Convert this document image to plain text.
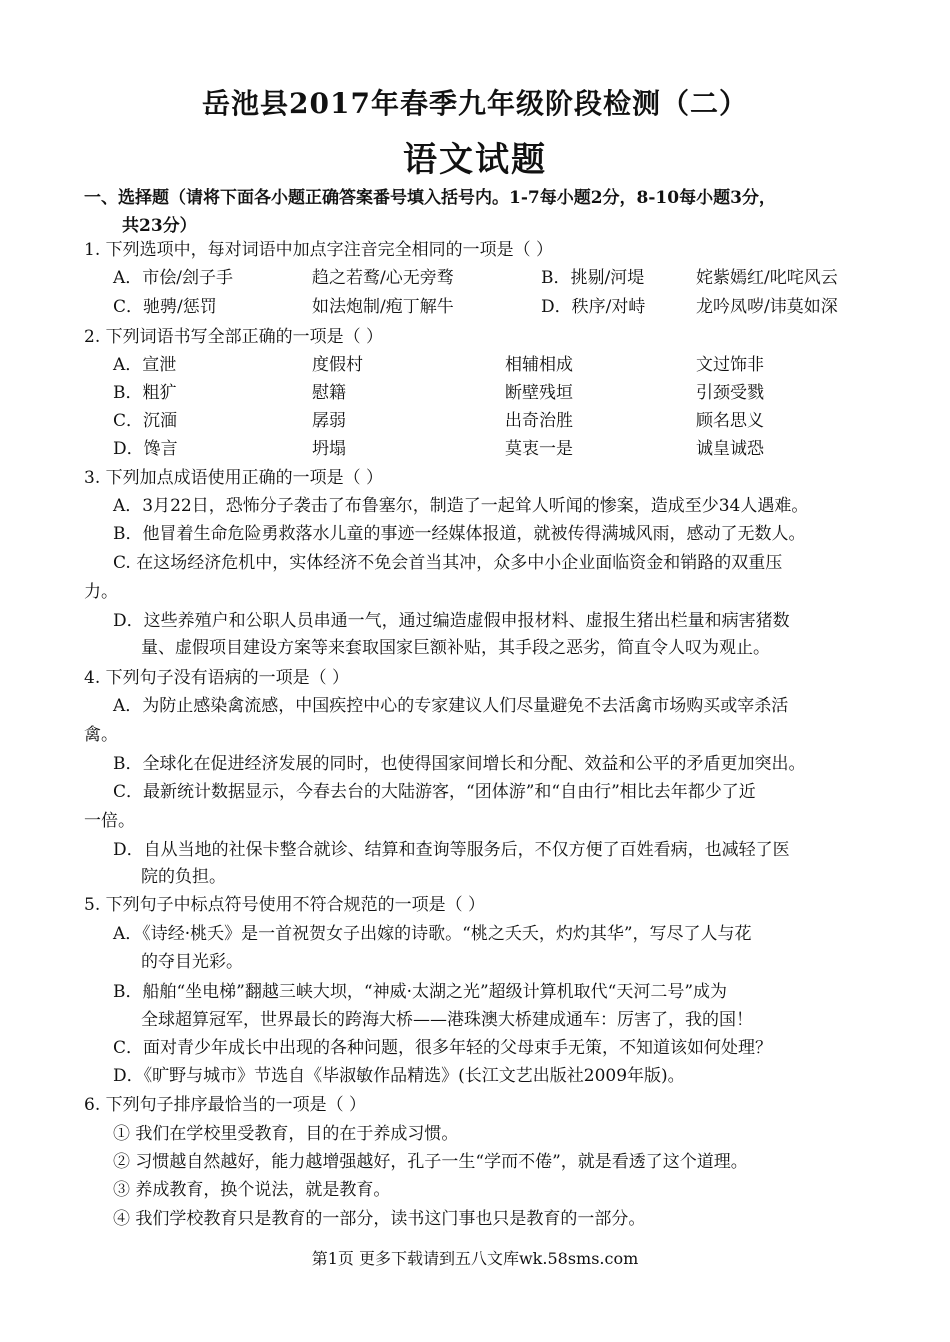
岳池县2017年春季九年级阶段检测（二）
语文试题
一、选择题（请将下面各小题正确答案番号填入括号内。1-7每小题2分，8-10每小题3分，
共23分）
1. 下列选项中，每对词语中加点字注音完全相同的一项是（ ）
A．市侩/刽子手	趋之若鹜/心无旁骛	B．挑剔/河堤	姹紫嫣红/叱咤风云
C．驰骋/惩罚	如法炮制/疱丁解牛	D．秩序/对峙	龙吟凤哕/讳莫如深
2. 下列词语书写全部正确的一项是（ ）
A．宣泄	度假村	相辅相成	文过饰非
B．粗犷	慰籍	断壁残垣	引颈受戮
C．沉湎	孱弱	出奇治胜	顾名思义
D．馋言	坍塌	莫衷一是	诚皇诚恐
3. 下列加点成语使用正确的一项是（ ）
A．3月22日，恐怖分子袭击了布鲁塞尔，制造了一起耸人听闻的惨案，造成至少34人遇难。
B．他冒着生命危险勇救落水儿童的事迹一经媒体报道，就被传得满城风雨，感动了无数人。
C. 在这场经济危机中，实体经济不免会首当其冲，众多中小企业面临资金和销路的双重压
力。
D．这些养殖户和公职人员串通一气，通过编造虚假申报材料、虚报生猪出栏量和病害猪数
量、虚假项目建设方案等来套取国家巨额补贴，其手段之恶劣，简直令人叹为观止。
4. 下列句子没有语病的一项是（ ）
A．为防止感染禽流感，中国疾控中心的专家建议人们尽量避免不去活禽市场购买或宰杀活
禽。
B．全球化在促进经济发展的同时，也使得国家间增长和分配、效益和公平的矛盾更加突出。
C．最新统计数据显示，今春去台的大陆游客，“团体游”和“自由行”相比去年都少了近
一倍。
D．自从当地的社保卡整合就诊、结算和查询等服务后，不仅方便了百姓看病，也减轻了医
院的负担。
5. 下列句子中标点符号使用不符合规范的一项是（ ）
A．《诗经·桃夭》是一首祝贺女子出嫁的诗歌。“桃之夭夭，灼灼其华”，写尽了人与花
的夺目光彩。
B．船舶“坐电梯”翻越三峡大坝，“神威·太湖之光”超级计算机取代“天河二号”成为
全球超算冠军，世界最长的跨海大桥——港珠澳大桥建成通车：厉害了，我的国！
C．面对青少年成长中出现的各种问题，很多年轻的父母束手无策，不知道该如何处理？
D．《旷野与城市》节选自《毕淑敏作品精选》(长江文艺出版社2009年版)。
6. 下列句子排序最恰当的一项是（ ）
① 我们在学校里受教育，目的在于养成习惯。
② 习惯越自然越好，能力越增强越好，孔子一生“学而不倦”，就是看透了这个道理。
③ 养成教育，换个说法，就是教育。
④ 我们学校教育只是教育的一部分，读书这门事也只是教育的一部分。
第1页 更多下载请到五八文库wk.58sms.com
